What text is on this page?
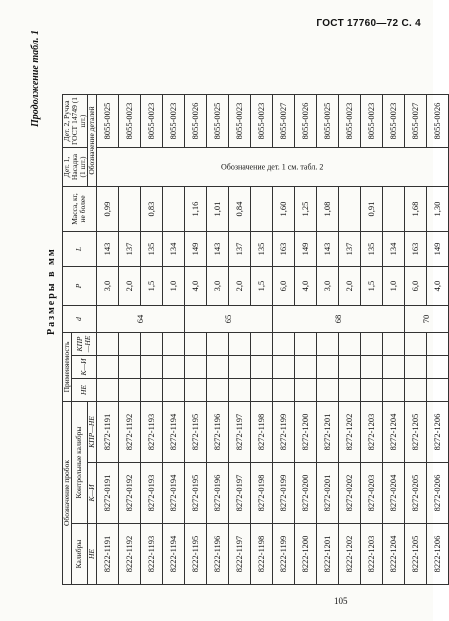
ГОСТ 17760—72 С. 4
105
Продолжение табл. 1
Размеры в мм
Обозначение пробок			Применяемость			d	P	L	Масса, кг, не более	Дет. 1, Насадка (1 шт.)	Дет. 2, Ручка ГОСТ 14749 (1 шт.)
Калибры	Контрольные калибры		НЕ	К—И	КПР—НЕ						
НЕ	К—И	КПР—НЕ								Обозначение деталей	
8222-1191	8272-0191	8272-1191				64	3,0	143	0,99	Обозначение дет. 1 см. табл. 2	8055-0025
8222-1192	8272-0192	8272-1192					2,0	137			8055-0023
8222-1193	8272-0193	8272-1193					1,5	135	0,83		8055-0023
8222-1194	8272-0194	8272-1194					1,0	134			8055-0023
8222-1195	8272-0195	8272-1195				65	4,0	149	1,16		8055-0026
8222-1196	8272-0196	8272-1196					3,0	143	1,01		8055-0025
8222-1197	8272-0197	8272-1197					2,0	137	0,84		8055-0023
8222-1198	8272-0198	8272-1198					1,5	135			8055-0023
8222-1199	8272-0199	8272-1199				68	6,0	163	1,60		8055-0027
8222-1200	8272-0200	8272-1200					4,0	149	1,25		8055-0026
8222-1201	8272-0201	8272-1201					3,0	143	1,08		8055-0025
8222-1202	8272-0202	8272-1202					2,0	137			8055-0023
8222-1203	8272-0203	8272-1203					1,5	135	0,91		8055-0023
8222-1204	8272-0204	8272-1204					1,0	134			8055-0023
8222-1205	8272-0205	8272-1205				70	6,0	163	1,68		8055-0027
8222-1206	8272-0206	8272-1206					4,0	149	1,30		8055-0026
